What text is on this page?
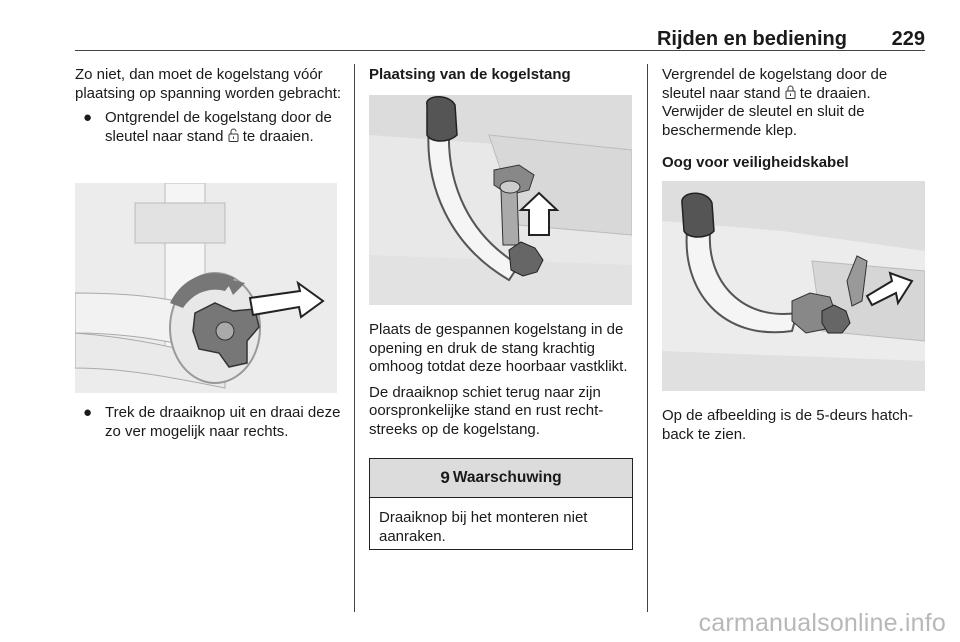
Rijden en bediening 229

Zo niet, dan moet de kogelstang vóór plaatsing op spanning worden gebracht:

● Ontgrendel de kogelstang door de sleutel naar stand te draaien.
● Trek de draaiknop uit en draai deze zo ver mogelijk naar rechts.

Plaatsing van de kogelstang

Plaats de gespannen kogelstang in de opening en druk de stang krachtig omhoog totdat deze hoorbaar vastklikt.

De draaiknop schiet terug naar zijn oorspronkelijke stand en rust rechtstreeks op de kogelstang.

9 Waarschuwing
Draaiknop bij het monteren niet aanraken.

Vergrendel de kogelstang door de sleutel naar stand te draaien. Verwijder de sleutel en sluit de beschermende klep.

Oog voor veiligheidskabel

Op de afbeelding is de 5-deurs hatchback te zien.

carmanualsonline.info
